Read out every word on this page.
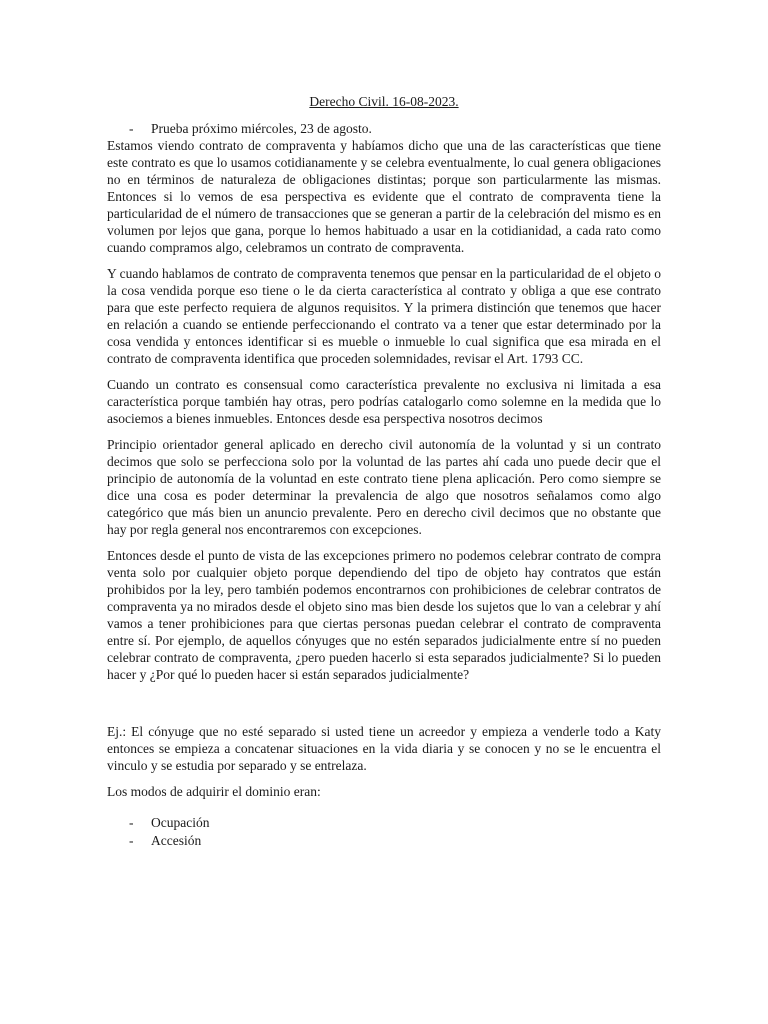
Derecho Civil. 16-08-2023.
- Prueba próximo miércoles, 23 de agosto.

Estamos viendo contrato de compraventa y habíamos dicho que una de las características que tiene este contrato es que lo usamos cotidianamente y se celebra eventualmente, lo cual genera obligaciones no en términos de naturaleza de obligaciones distintas; porque son particularmente las mismas. Entonces si lo vemos de esa perspectiva es evidente que el contrato de compraventa tiene la particularidad de el número de transacciones que se generan a partir de la celebración del mismo es en volumen por lejos que gana, porque lo hemos habituado a usar en la cotidianidad, a cada rato como cuando compramos algo, celebramos un contrato de compraventa.

Y cuando hablamos de contrato de compraventa tenemos que pensar en la particularidad de el objeto o la cosa vendida porque eso tiene o le da cierta característica al contrato y obliga a que ese contrato para que este perfecto requiera de algunos requisitos. Y la primera distinción que tenemos que hacer en relación a cuando se entiende perfeccionando el contrato va a tener que estar determinado por la cosa vendida y entonces identificar si es mueble o inmueble lo cual significa que esa mirada en el contrato de compraventa identifica que proceden solemnidades, revisar el Art. 1793 CC.

Cuando un contrato es consensual como característica prevalente no exclusiva ni limitada a esa característica porque también hay otras, pero podrías catalogarlo como solemne en la medida que lo asociemos a bienes inmuebles. Entonces desde esa perspectiva nosotros decimos

Principio orientador general aplicado en derecho civil autonomía de la voluntad y si un contrato decimos que solo se perfecciona solo por la voluntad de las partes ahí cada uno puede decir que el principio de autonomía de la voluntad en este contrato tiene plena aplicación. Pero como siempre se dice una cosa es poder determinar la prevalencia de algo que nosotros señalamos como algo categórico que más bien un anuncio prevalente. Pero en derecho civil decimos que no obstante que hay por regla general nos encontraremos con excepciones.

Entonces desde el punto de vista de las excepciones primero no podemos celebrar contrato de compra venta solo por cualquier objeto porque dependiendo del tipo de objeto hay contratos que están prohibidos por la ley, pero también podemos encontrarnos con prohibiciones de celebrar contratos de compraventa ya no mirados desde el objeto sino mas bien desde los sujetos que lo van a celebrar y ahí vamos a tener prohibiciones para que ciertas personas puedan celebrar el contrato de compraventa entre sí. Por ejemplo, de aquellos cónyuges que no estén separados judicialmente entre sí no pueden celebrar contrato de compraventa, ¿pero pueden hacerlo si esta separados judicialmente? Si lo pueden hacer y ¿Por qué lo pueden hacer si están separados judicialmente?

Ej.: El cónyuge que no esté separado si usted tiene un acreedor y empieza a venderle todo a Katy entonces se empieza a concatenar situaciones en la vida diaria y se conocen y no se le encuentra el vinculo y se estudia por separado y se entrelaza.

Los modos de adquirir el dominio eran:

- Ocupación
- Accesión
